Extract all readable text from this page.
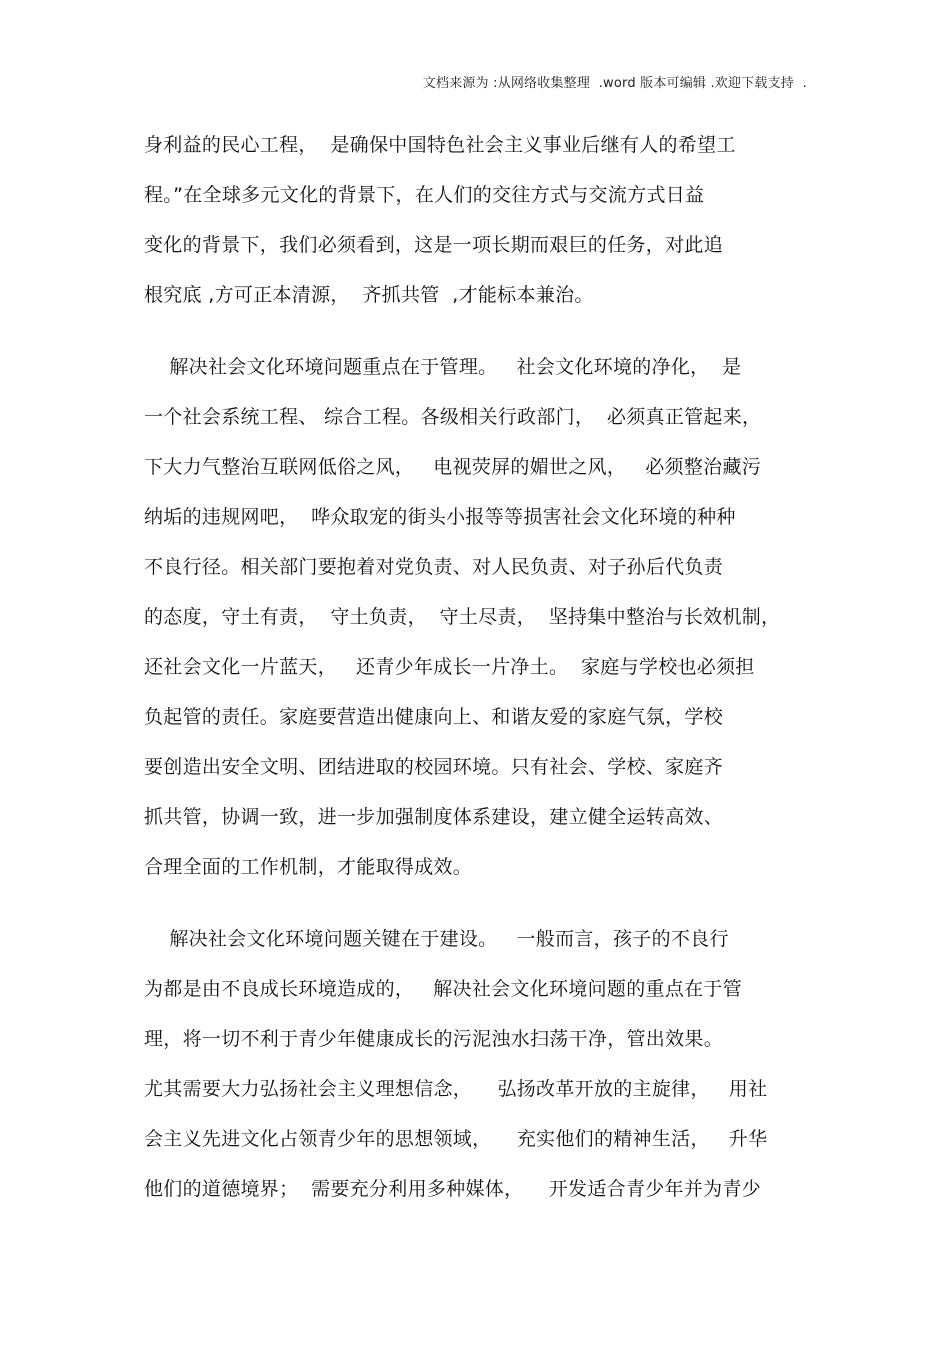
文档来源为 :从网络收集整理  .word 版本可编辑 .欢迎下载支持  .
身利益的民心工程，  是确保中国特色社会主义事业后继有人的希望工
程。”在全球多元文化的背景下，在人们的交往方式与交流方式日益
变化的背景下，我们必须看到，这是一项长期而艰巨的任务，对此追
根究底 ,方可正本清源，  齐抓共管  ,才能标本兼治。
解决社会文化环境问题重点在于管理。   社会文化环境的净化，  是
一个社会系统工程、 综合工程。各级相关行政部门，  必须真正管起来，
下大力气整治互联网低俗之风，   电视荧屏的媚世之风，   必须整治藏污
纳垢的违规网吧，  哗众取宠的街头小报等等损害社会文化环境的种种
不良行径。相关部门要抱着对党负责、对人民负责、对子孙后代负责
的态度，守土有责，  守土负责，  守土尽责，  坚持集中整治与长效机制，
还社会文化一片蓝天，   还青少年成长一片净土。  家庭与学校也必须担
负起管的责任。家庭要营造出健康向上、和谐友爱的家庭气氛，学校
要创造出安全文明、团结进取的校园环境。只有社会、学校、家庭齐
抓共管，协调一致，进一步加强制度体系建设，建立健全运转高效、
合理全面的工作机制，才能取得成效。
解决社会文化环境问题关键在于建设。   一般而言，孩子的不良行
为都是由不良成长环境造成的，   解决社会文化环境问题的重点在于管
理，将一切不利于青少年健康成长的污泥浊水扫荡干净，管出效果。
尤其需要大力弘扬社会主义理想信念，    弘扬改革开放的主旋律，   用社
会主义先进文化占领青少年的思想领域，    充实他们的精神生活，   升华
他们的道德境界；  需要充分利用多种媒体，    开发适合青少年并为青少
